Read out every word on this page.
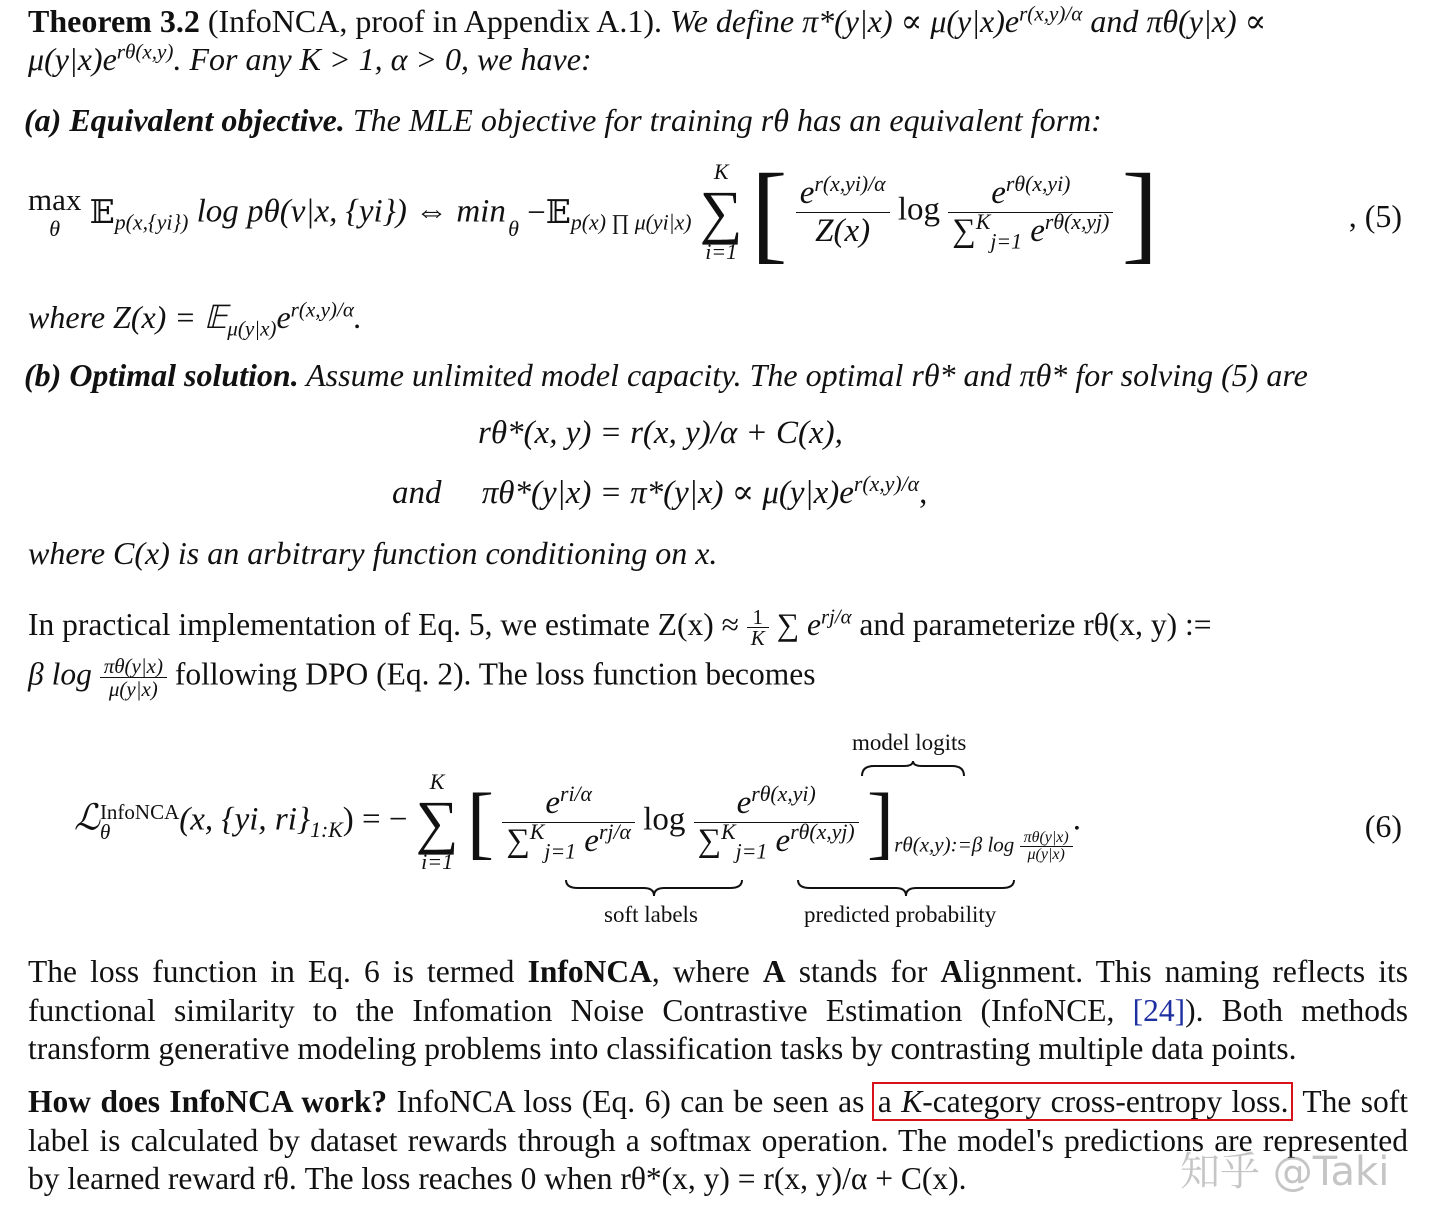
Theorem 3.2 (InfoNCA, proof in Appendix A.1). We define $\pi*(y|x) \propto \mu(y|x)e^{r(x,y)/\alpha}$ and $\pi\theta(y|x) \propto \mu(y|x)e^{r\theta(x,y)}$. For any K > 1, α > 0, we have:
(a) Equivalent objective. The MLE objective for training rθ has an equivalent form:
max
θ 𝔼$_{p(x,\{yi\})}$ log pθ(ν|x, {yi}) ⇔ min
θ −𝔼$_{p(x) \prod \mu(yi|x)}$
K
∑
i=1 [ $\frac{e^{r(x,yi)/\alpha}}{Z(x)}$ $\log \frac{e^{r\theta(x,yi)}}{\sum^K_{j=1} e^{r\theta(x,yj)}}$ ]	, (5)
where $Z(x) = 𝔼_{\mu(y|x)}e^{r(x,y)/\alpha}$.
(b) Optimal solution. Assume unlimited model capacity. The optimal rθ* and πθ* for solving (5) are
rθ*(x, y) = r(x, y)/α + C(x),
and $\pi\theta*(y|x) = \pi*(y|x) \propto \mu(y|x)e^{r(x,y)/\alpha}$,
where C(x) is an arbitrary function conditioning on x.
In practical implementation of Eq. 5, we estimate $Z(x) \approx \frac{1}{K}$ ∑ $e^{rj/\alpha}$ and parameterize rθ(x, y) :=
β $\log \frac{\pi\theta(y|x)}{\mu(y|x)}$ following DPO (Eq. 2). The loss function becomes
model logits
ℒ InfoNCA
θ	(x, {yi, $ri\}_{1:K}$) = −
K
∑
i=1 [ $\frac{e^{ri/\alpha}}{\sum^K_{j=1} e^{rj/\alpha}}$ $\log \frac{e^{r\theta(x,yi)}}{\sum^K_{j=1} e^{r\theta(x,yj)}}$ ]rθ(x,y):=β $\log \frac{\pi\theta(y|x)}{\mu(y|x)}$
.	(6)
soft labels	predicted probability
The loss function in Eq. 6 is termed InfoNCA, where A stands for Alignment. This naming reflects its functional similarity to the Infomation Noise Contrastive Estimation (InfoNCE, [24]). Both methods transform generative modeling problems into classification tasks by contrasting multiple data points.
How does InfoNCA work? InfoNCA loss (Eq. 6) can be seen as a K-category cross-entropy loss. The soft label is calculated by dataset rewards through a softmax operation. The model's predictions are represented by learned reward rθ. The loss reaches 0 when rθ*(x, y) = r(x, y)/α + C(x).	知乎 @Taki
